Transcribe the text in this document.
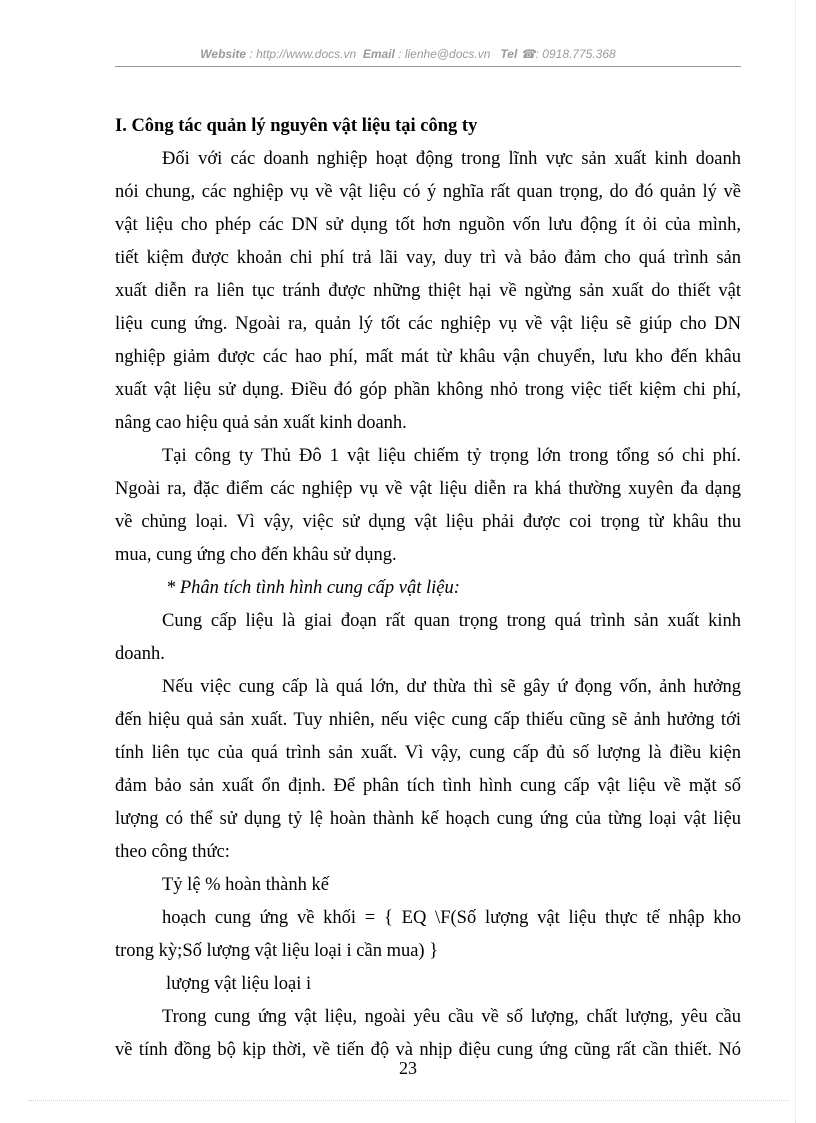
Website : http://www.docs.vn Email : lienhe@docs.vn Tel ☎: 0918.775.368
I. Công tác quản lý nguyên vật liệu tại công ty
Đối với các doanh nghiệp hoạt động trong lĩnh vực sản xuất kinh doanh
nói chung, các nghiệp vụ về vật liệu có ý nghĩa rất quan trọng, do đó quản lý về
vật liệu cho phép các DN sử dụng tốt hơn nguồn vốn lưu động ít ỏi của mình,
tiết kiệm được khoản chi phí trả lãi vay, duy trì và bảo đảm cho quá trình sản
xuất diễn ra liên tục tránh được những thiệt hại về ngừng sản xuất do thiết vật
liệu cung ứng. Ngoài ra, quản lý tốt các nghiệp vụ về vật liệu sẽ giúp cho DN
nghiệp giảm được các hao phí, mất mát từ khâu vận chuyển, lưu kho đến khâu
xuất vật liệu sử dụng. Điều đó góp phần không nhỏ trong việc tiết kiệm chi phí,
nâng cao hiệu quả sản xuất kinh doanh.
Tại công ty Thủ Đô 1 vật liệu chiếm tỷ trọng lớn trong tổng só chi phí.
Ngoài ra, đặc điểm các nghiệp vụ về vật liệu diễn ra khá thường xuyên đa dạng
về chủng loại. Vì vậy, việc sử dụng vật liệu phải được coi trọng từ khâu thu
mua, cung ứng cho đến khâu sử dụng.
* Phân tích tình hình cung cấp vật liệu:
Cung cấp liệu là giai đoạn rất quan trọng trong quá trình sản xuất kinh
doanh.
Nếu việc cung cấp là quá lớn, dư thừa thì sẽ gây ứ đọng vốn, ảnh hưởng
đến hiệu quả sản xuất. Tuy nhiên, nếu việc cung cấp thiếu cũng sẽ ảnh hưởng tới
tính liên tục của quá trình sản xuất. Vì vậy, cung cấp đủ số lượng là điều kiện
đảm bảo sản xuất ổn định. Để phân tích tình hình cung cấp vật liệu về mặt số
lượng có thể sử dụng tỷ lệ hoàn thành kế hoạch cung ứng của từng loại vật liệu
theo công thức:
Tỷ lệ % hoàn thành kế
hoạch cung ứng về khối = { EQ \F(Số lượng vật liệu thực tế nhập kho
trong kỳ;Số lượng vật liệu loại i cần mua) }
lượng vật liệu loại i
Trong cung ứng vật liệu, ngoài yêu cầu về số lượng, chất lượng, yêu cầu
về tính đồng bộ kịp thời, về tiến độ và nhịp điệu cung ứng cũng rất cần thiết. Nó
23
